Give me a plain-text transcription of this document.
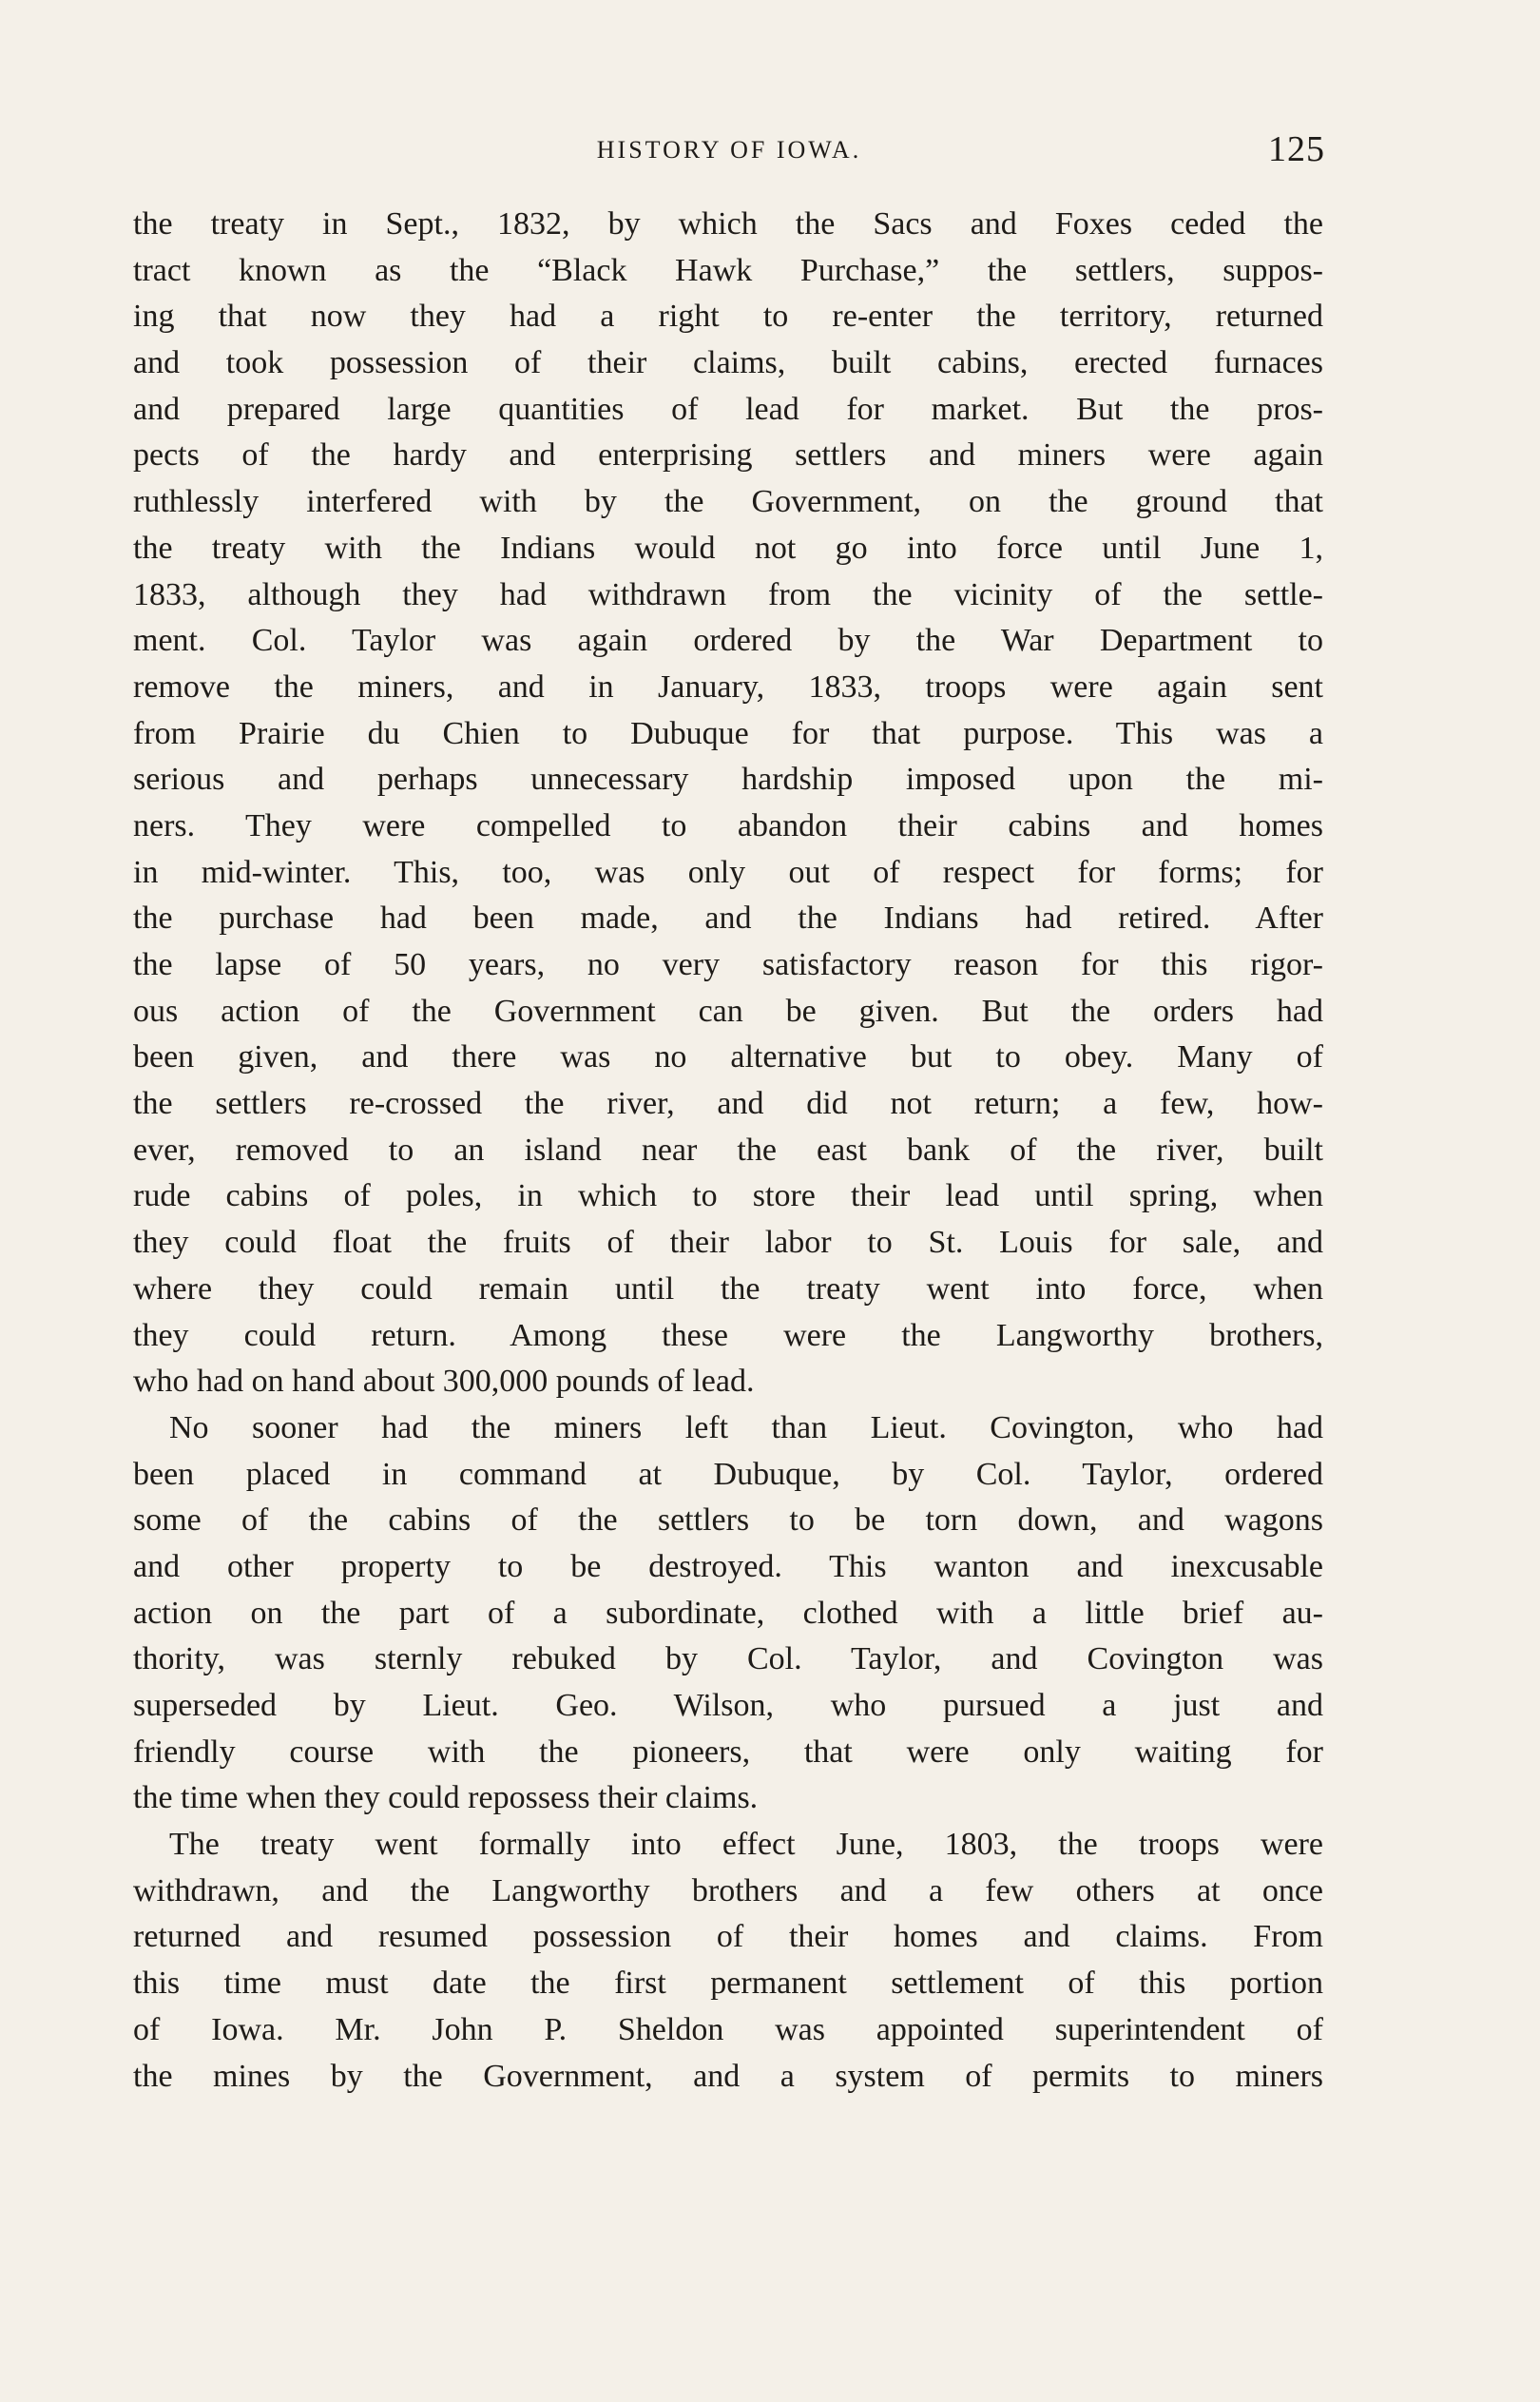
HISTORY OF IOWA.	125
the treaty in Sept., 1832, by which the Sacs and Foxes ceded the
tract known as the “Black Hawk Purchase,” the settlers, suppos-
ing that now they had a right to re-enter the territory, returned
and took possession of their claims, built cabins, erected furnaces
and prepared large quantities of lead for market. But the pros-
pects of the hardy and enterprising settlers and miners were again
ruthlessly interfered with by the Government, on the ground that
the treaty with the Indians would not go into force until June 1,
1833, although they had withdrawn from the vicinity of the settle-
ment. Col. Taylor was again ordered by the War Department to
remove the miners, and in January, 1833, troops were again sent
from Prairie du Chien to Dubuque for that purpose. This was a
serious and perhaps unnecessary hardship imposed upon the mi-
ners. They were compelled to abandon their cabins and homes
in mid-winter. This, too, was only out of respect for forms; for
the purchase had been made, and the Indians had retired. After
the lapse of 50 years, no very satisfactory reason for this rigor-
ous action of the Government can be given. But the orders had
been given, and there was no alternative but to obey. Many of
the settlers re-crossed the river, and did not return; a few, how-
ever, removed to an island near the east bank of the river, built
rude cabins of poles, in which to store their lead until spring, when
they could float the fruits of their labor to St. Louis for sale, and
where they could remain until the treaty went into force, when
they could return. Among these were the Langworthy brothers,
who had on hand about 300,000 pounds of lead.
No sooner had the miners left than Lieut. Covington, who had
been placed in command at Dubuque, by Col. Taylor, ordered
some of the cabins of the settlers to be torn down, and wagons
and other property to be destroyed. This wanton and inexcusable
action on the part of a subordinate, clothed with a little brief au-
thority, was sternly rebuked by Col. Taylor, and Covington was
superseded by Lieut. Geo. Wilson, who pursued a just and
friendly course with the pioneers, that were only waiting for
the time when they could repossess their claims.
The treaty went formally into effect June, 1803, the troops were
withdrawn, and the Langworthy brothers and a few others at once
returned and resumed possession of their homes and claims. From
this time must date the first permanent settlement of this portion
of Iowa. Mr. John P. Sheldon was appointed superintendent of
the mines by the Government, and a system of permits to miners
